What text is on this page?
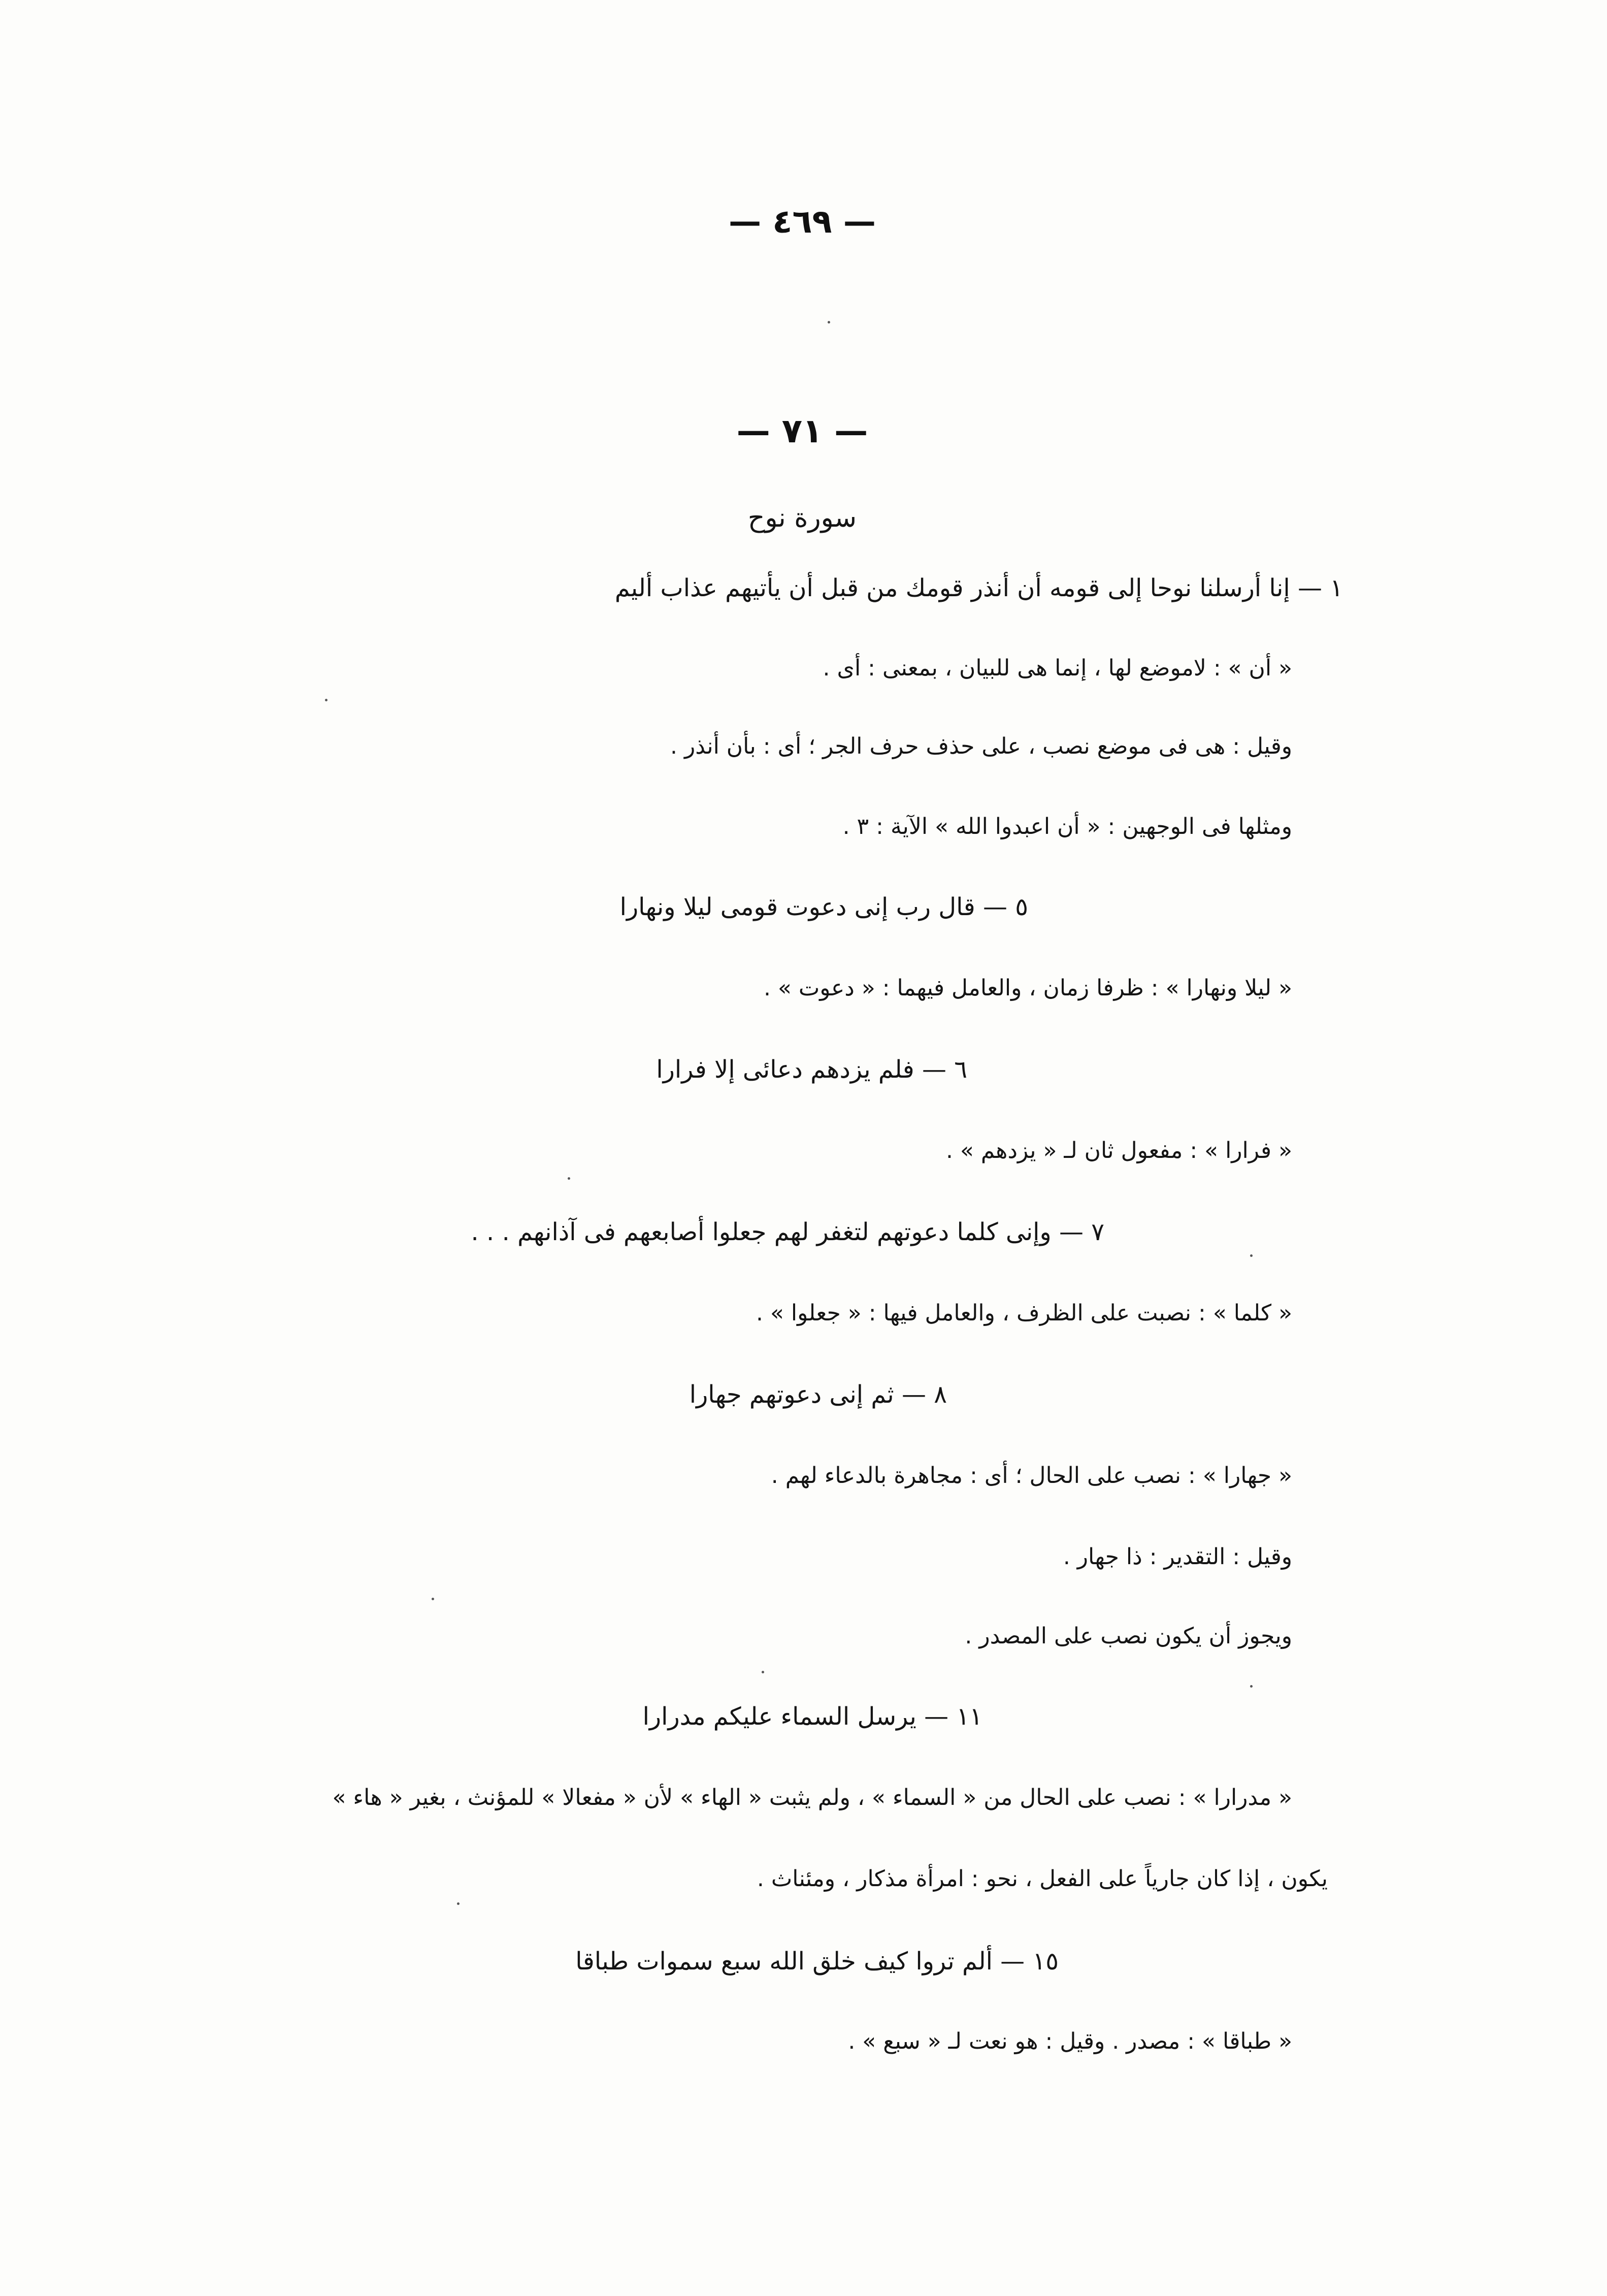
— ٤٦٩ —
— ٧١ —
سورة نوح
١ — إنا أرسلنا نوحا إلى قومه أن أنذر قومك من قبل أن يأتيهم عذاب أليم
« أن » : لاموضع لها ، إنما هى للبيان ، بمعنى : أى .
وقيل : هى فى موضع نصب ، على حذف حرف الجر ؛ أى : بأن أنذر .
ومثلها فى الوجهين : « أن اعبدوا الله » الآية : ٣ .
٥ — قال رب إنى دعوت قومى ليلا ونهارا
« ليلا ونهارا » : ظرفا زمان ، والعامل فيهما : « دعوت » .
٦ — فلم يزدهم دعائى إلا فرارا
« فرارا » : مفعول ثان لـ « يزدهم » .
٧ — وإنى كلما دعوتهم لتغفر لهم جعلوا أصابعهم فى آذانهم . . .
« كلما » : نصبت على الظرف ، والعامل فيها : « جعلوا » .
٨ — ثم إنى دعوتهم جهارا
« جهارا » : نصب على الحال ؛ أى : مجاهرة بالدعاء لهم .
وقيل : التقدير : ذا جهار .
ويجوز أن يكون نصب على المصدر .
١١ — يرسل السماء عليكم مدرارا
« مدرارا » : نصب على الحال من « السماء » ، ولم يثبت « الهاء » لأن « مفعالا » للمؤنث ، بغير « هاء »
يكون ، إذا كان جارياً على الفعل ، نحو : امرأة مذكار ، ومئناث .
١٥ — ألم تروا كيف خلق الله سبع سموات طباقا
« طباقا » : مصدر . وقيل : هو نعت لـ « سبع » .
